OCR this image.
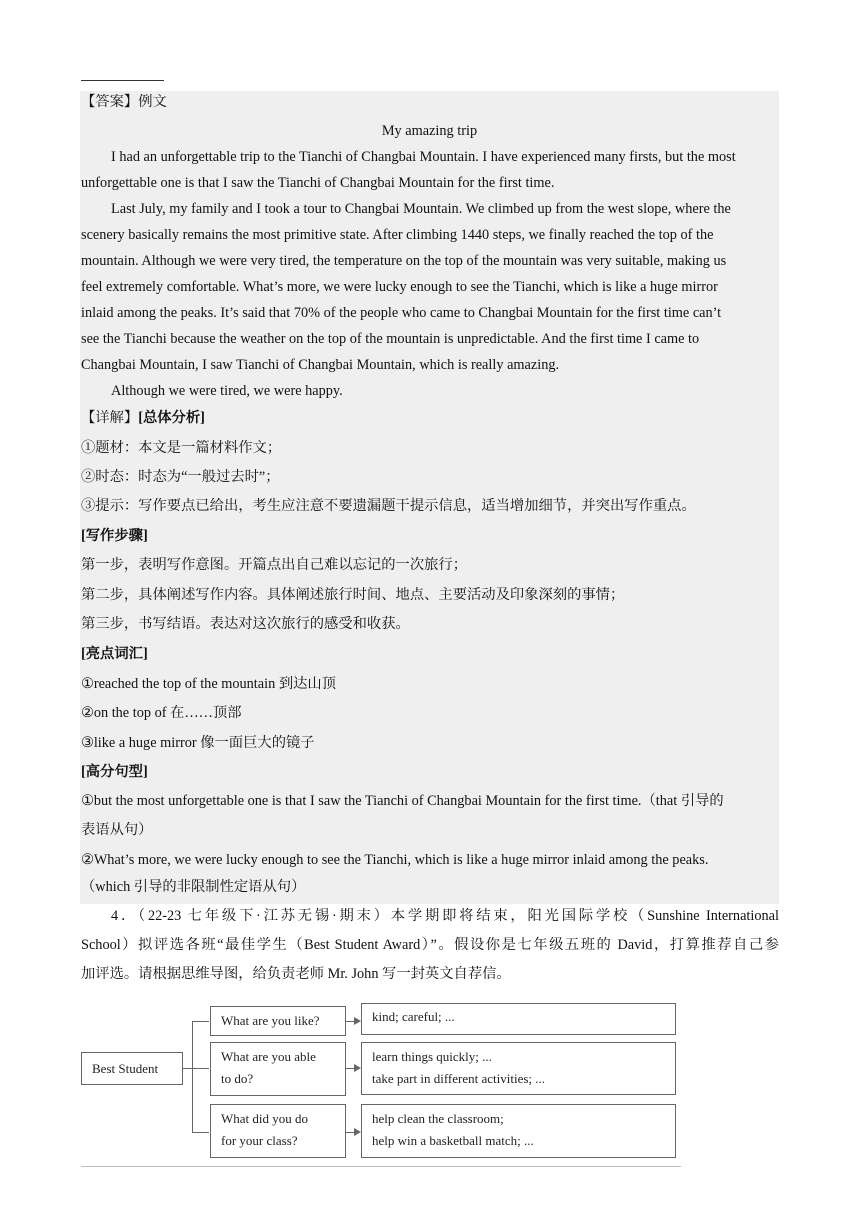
【答案】例文
My amazing trip
I had an unforgettable trip to the Tianchi of Changbai Mountain. I have experienced many firsts, but the most
unforgettable one is that I saw the Tianchi of Changbai Mountain for the first time.
Last July, my family and I took a tour to Changbai Mountain. We climbed up from the west slope, where the
scenery basically remains the most primitive state. After climbing 1440 steps, we finally reached the top of the
mountain. Although we were very tired, the temperature on the top of the mountain was very suitable, making us
feel extremely comfortable. What’s more, we were lucky enough to see the Tianchi, which is like a huge mirror
inlaid among the peaks. It’s said that 70% of the people who came to Changbai Mountain for the first time can’t
see the Tianchi because the weather on the top of the mountain is unpredictable. And the first time I came to
Changbai Mountain, I saw Tianchi of Changbai Mountain, which is really amazing.
Although we were tired, we were happy.
【详解】[总体分析]
①题材：本文是一篇材料作文；
②时态：时态为“一般过去时”；
③提示：写作要点已给出，考生应注意不要遗漏题干提示信息，适当增加细节，并突出写作重点。
[写作步骤]
第一步，表明写作意图。开篇点出自己难以忘记的一次旅行；
第二步，具体阐述写作内容。具体阐述旅行时间、地点、主要活动及印象深刻的事情；
第三步，书写结语。表达对这次旅行的感受和收获。
[亮点词汇]
①reached the top of the mountain 到达山顶
②on the top of 在……顶部
③like a huge mirror 像一面巨大的镜子
[高分句型]
①but the most unforgettable one is that I saw the Tianchi of Changbai Mountain for the first time.（that 引导的
表语从句）
②What’s more, we were lucky enough to see the Tianchi, which is like a huge mirror inlaid among the peaks.
（which 引导的非限制性定语从句）
4．（22-23 七年级下·江苏无锡·期末）本学期即将结束，阳光国际学校（Sunshine International
School）拟评选各班“最佳学生（Best Student Award）”。假设你是七年级五班的 David，打算推荐自己参
加评选。请根据思维导图，给负责老师 Mr. John 写一封英文自荐信。
Best Student
What are you like?	kind; careful; ...
What are you able
to do?
learn things quickly; ...
take part in different activities; ...
What did you do
for your class?
help clean the classroom;
help win a basketball match; ...
